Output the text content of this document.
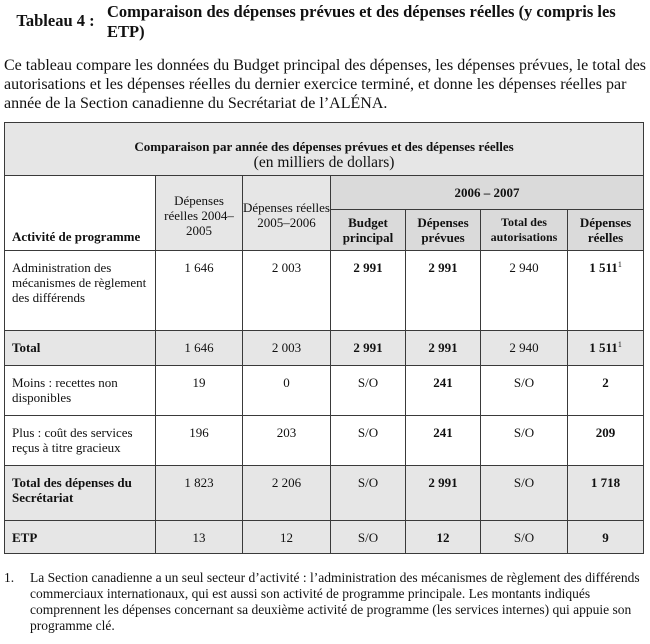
Tableau 4 : Comparaison des dépenses prévues et des dépenses réelles (y compris les ETP)
Ce tableau compare les données du Budget principal des dépenses, les dépenses prévues, le total des autorisations et les dépenses réelles du dernier exercice terminé, et donne les dépenses réelles par année de la Section canadienne du Secrétariat de l’ALÉNA.
Comparaison par année des dépenses prévues et des dépenses réelles
(en milliers de dollars)						

Activité de programme	Dépenses réelles 2004–2005	Dépenses réelles 2005–2006	2006 – 2007			
			Budget principal	Dépenses prévues	Total des autorisations	Dépenses réelles
Administration des mécanismes de règlement des différends	1 646	2 003	2 991	2 991	2 940	1 $511^1$
Total	1 646	2 003	2 991	2 991	2 940	1 $511^1$
Moins : recettes non disponibles	19	0	S/O	241	S/O	2
Plus : coût des services reçus à titre gracieux	196	203	S/O	241	S/O	209
Total des dépenses du Secrétariat	1 823	2 206	S/O	2 991	S/O	1 718
ETP	13	12	S/O	12	S/O	9
1. La Section canadienne a un seul secteur d’activité : l’administration des mécanismes de règlement des différends commerciaux internationaux, qui est aussi son activité de programme principale. Les montants indiqués comprennent les dépenses concernant sa deuxième activité de programme (les services internes) qui appuie son programme clé.
